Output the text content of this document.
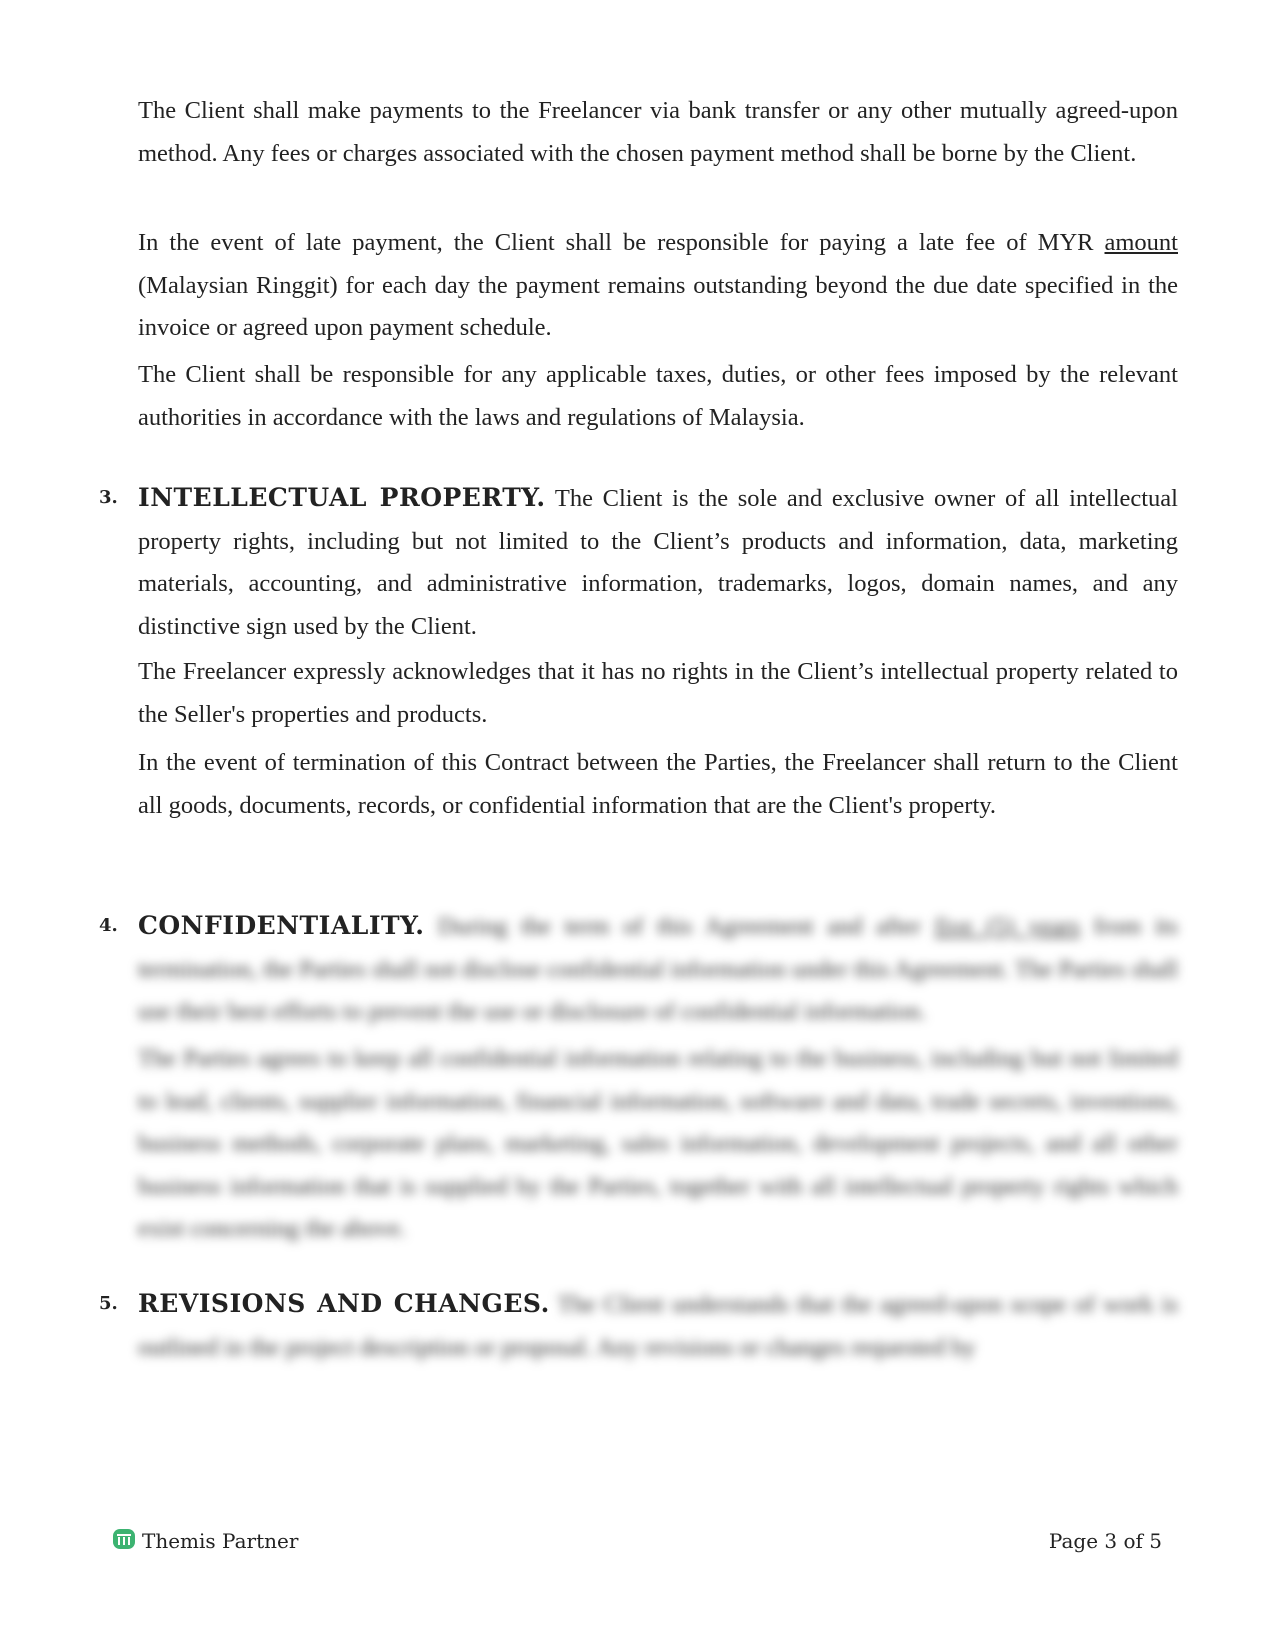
The Client shall make payments to the Freelancer via bank transfer or any other mutually agreed-upon method. Any fees or charges associated with the chosen payment method shall be borne by the Client.

In the event of late payment, the Client shall be responsible for paying a late fee of MYR amount (Malaysian Ringgit) for each day the payment remains outstanding beyond the due date specified in the invoice or agreed upon payment schedule.

The Client shall be responsible for any applicable taxes, duties, or other fees imposed by the relevant authorities in accordance with the laws and regulations of Malaysia.

3. INTELLECTUAL PROPERTY. The Client is the sole and exclusive owner of all intellectual property rights, including but not limited to the Client’s products and information, data, marketing materials, accounting, and administrative information, trademarks, logos, domain names, and any distinctive sign used by the Client.

The Freelancer expressly acknowledges that it has no rights in the Client’s intellectual property related to the Seller's properties and products.

In the event of termination of this Contract between the Parties, the Freelancer shall return to the Client all goods, documents, records, or confidential information that are the Client's property.

4. CONFIDENTIALITY. During the term of this Agreement and after five (5) years from its termination, the Parties shall not disclose confidential information under this Agreement. The Parties shall use their best efforts to prevent the use or disclosure of confidential information.

The Parties agrees to keep all confidential information relating to the business, including but not limited to lead, clients, supplier information, financial information, software and data, trade secrets, inventions, business methods, corporate plans, marketing, sales information, development projects, and all other business information that is supplied by the Parties, together with all intellectual property rights which exist concerning the above.

5. REVISIONS AND CHANGES. The Client understands that the agreed-upon scope of work is outlined in the project description or proposal. Any revisions or changes requested by

Themis Partner	Page 3 of 5
